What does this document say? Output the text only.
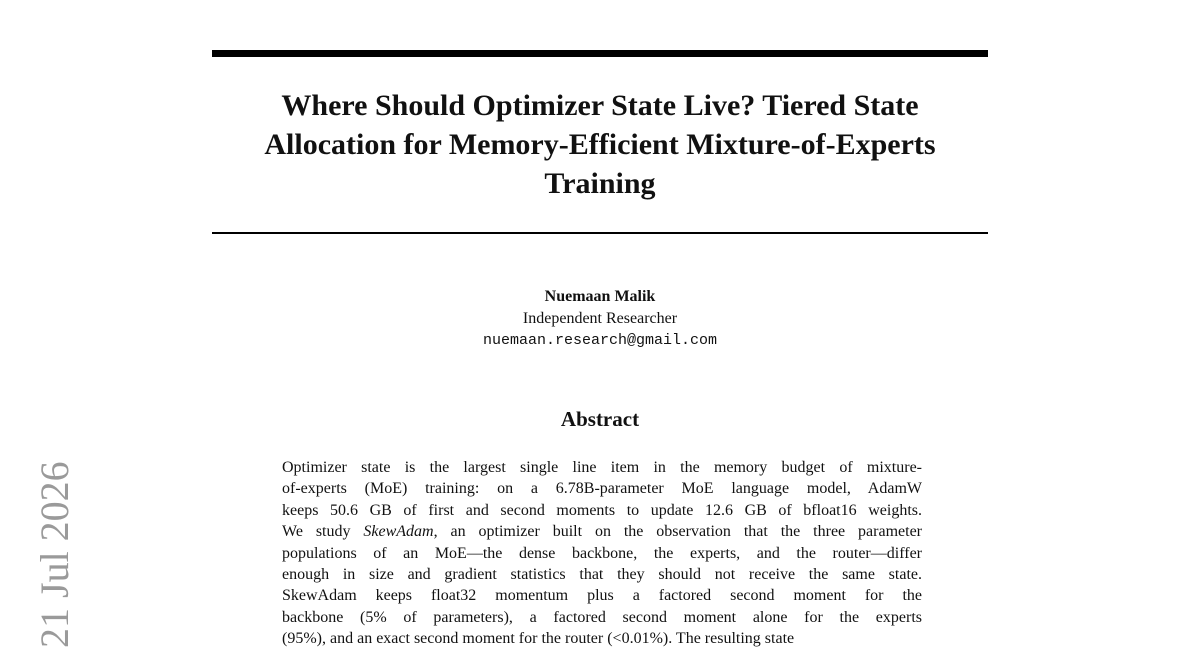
Where Should Optimizer State Live? Tiered State
Allocation for Memory-Efficient Mixture-of-Experts
Training
Nuemaan Malik
Independent Researcher
nuemaan.research@gmail.com
Abstract
Optimizer state is the largest single line item in the memory budget of mixture-
of-experts (MoE) training: on a 6.78B-parameter MoE language model, AdamW
keeps 50.6 GB of first and second moments to update 12.6 GB of bfloat16 weights.
We study SkewAdam, an optimizer built on the observation that the three parameter
populations of an MoE—the dense backbone, the experts, and the router—differ
enough in size and gradient statistics that they should not receive the same state.
SkewAdam keeps float32 momentum plus a factored second moment for the
backbone (5% of parameters), a factored second moment alone for the experts
(95%), and an exact second moment for the router (<0.01%). The resulting state
21 Jul 2026
